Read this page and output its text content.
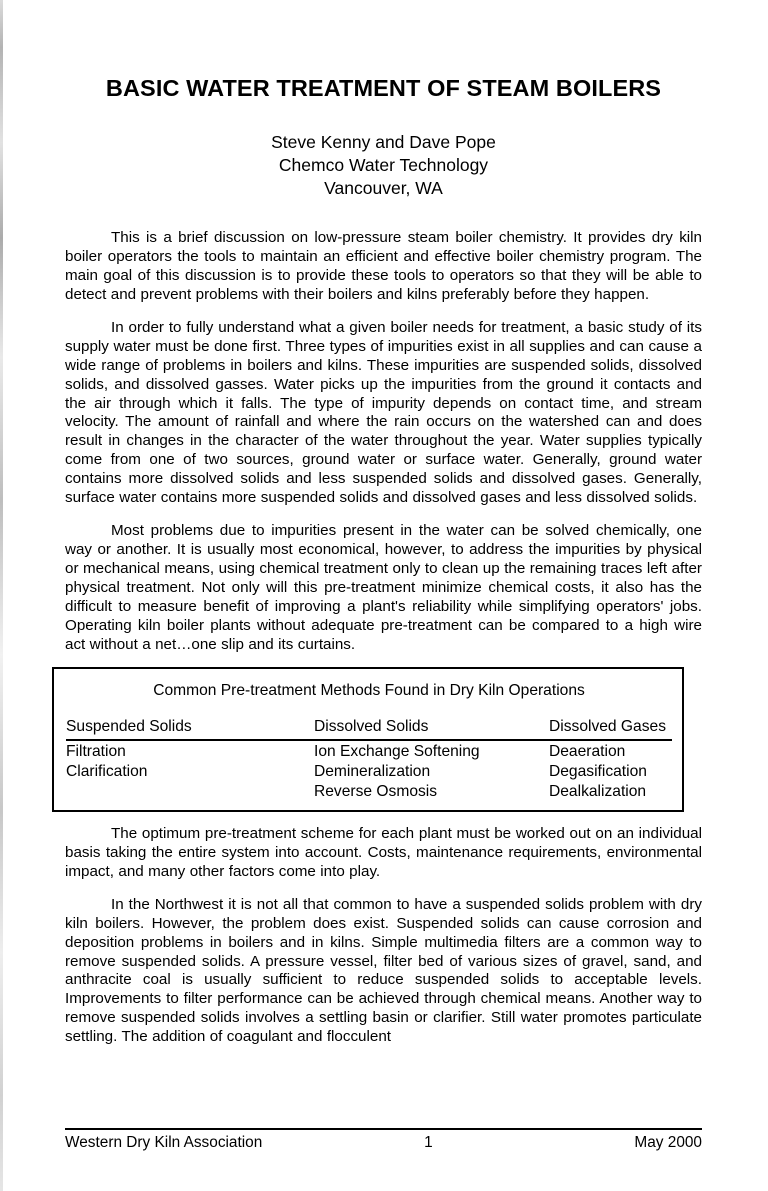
BASIC WATER TREATMENT OF STEAM BOILERS
Steve Kenny and Dave Pope
Chemco Water Technology
Vancouver, WA

This is a brief discussion on low-pressure steam boiler chemistry. It provides dry kiln boiler operators the tools to maintain an efficient and effective boiler chemistry program. The main goal of this discussion is to provide these tools to operators so that they will be able to detect and prevent problems with their boilers and kilns preferably before they happen.

In order to fully understand what a given boiler needs for treatment, a basic study of its supply water must be done first. Three types of impurities exist in all supplies and can cause a wide range of problems in boilers and kilns. These impurities are suspended solids, dissolved solids, and dissolved gasses. Water picks up the impurities from the ground it contacts and the air through which it falls. The type of impurity depends on contact time, and stream velocity. The amount of rainfall and where the rain occurs on the watershed can and does result in changes in the character of the water throughout the year. Water supplies typically come from one of two sources, ground water or surface water. Generally, ground water contains more dissolved solids and less suspended solids and dissolved gases. Generally, surface water contains more suspended solids and dissolved gases and less dissolved solids.

Most problems due to impurities present in the water can be solved chemically, one way or another. It is usually most economical, however, to address the impurities by physical or mechanical means, using chemical treatment only to clean up the remaining traces left after physical treatment. Not only will this pre-treatment minimize chemical costs, it also has the difficult to measure benefit of improving a plant's reliability while simplifying operators' jobs. Operating kiln boiler plants without adequate pre-treatment can be compared to a high wire act without a net…one slip and its curtains.

Common Pre-treatment Methods Found in Dry Kiln Operations
Suspended Solids	Dissolved Solids	Dissolved Gases
Filtration	Ion Exchange Softening	Deaeration
Clarification	Demineralization	Degasification
	Reverse Osmosis	Dealkalization

The optimum pre-treatment scheme for each plant must be worked out on an individual basis taking the entire system into account. Costs, maintenance requirements, environmental impact, and many other factors come into play.

In the Northwest it is not all that common to have a suspended solids problem with dry kiln boilers. However, the problem does exist. Suspended solids can cause corrosion and deposition problems in boilers and in kilns. Simple multimedia filters are a common way to remove suspended solids. A pressure vessel, filter bed of various sizes of gravel, sand, and anthracite coal is usually sufficient to reduce suspended solids to acceptable levels. Improvements to filter performance can be achieved through chemical means. Another way to remove suspended solids involves a settling basin or clarifier. Still water promotes particulate settling. The addition of coagulant and flocculent

Western Dry Kiln Association	1	May 2000
